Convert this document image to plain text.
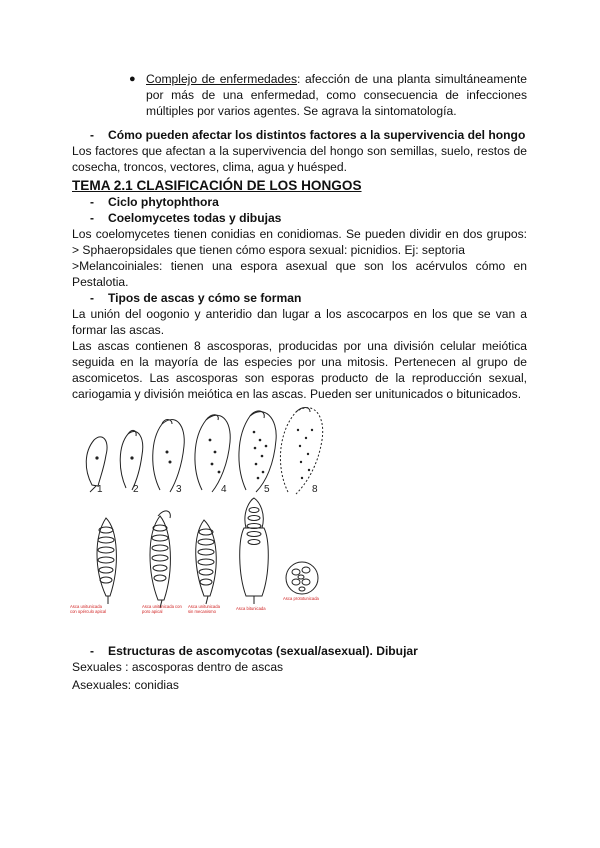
● Complejo de enfermedades: afección de una planta simultáneamente
por más de una enfermedad, como consecuencia de infecciones
múltiples por varios agentes. Se agrava la sintomatología.
- Cómo pueden afectar los distintos factores a la supervivencia del hongo
Los factores que afectan a la supervivencia del hongo son semillas, suelo, restos de
cosecha, troncos, vectores, clima, agua y huésped.
TEMA 2.1 CLASIFICACIÓN DE LOS HONGOS
- Ciclo phytophthora
- Coelomycetes todas y dibujas
Los coelomycetes tienen conidias en conidiomas. Se pueden dividir en dos grupos:
> Sphaeropsidales que tienen cómo espora sexual: picnidios. Ej: septoria
>Melancoiniales: tienen una espora asexual que son los acérvulos cómo en
Pestalotia.
- Tipos de ascas y cómo se forman
La unión del oogonio y anteridio dan lugar a los ascocarpos en los que se van a
formar las ascas.
Las ascas contienen 8 ascosporas, producidas por una división celular meiótica
seguida en la mayoría de las especies por una mitosis. Pertenecen al grupo de
ascomicetos. Las ascosporas son esporas producto de la reproducción sexual,
cariogamia y división meiótica en las ascas. Pueden ser unitunicados o bitunicados.
1	2	3	4	5	8
Asca unitunicada
con opérculo apical
Asca unitunicada con
poro apical
Asca unitunicada
sin mecanismo
Asca bitunicada
Asca prototunicada
- Estructuras de ascomycotas (sexual/asexual). Dibujar
Sexuales : ascosporas dentro de ascas
Asexuales: conidias
